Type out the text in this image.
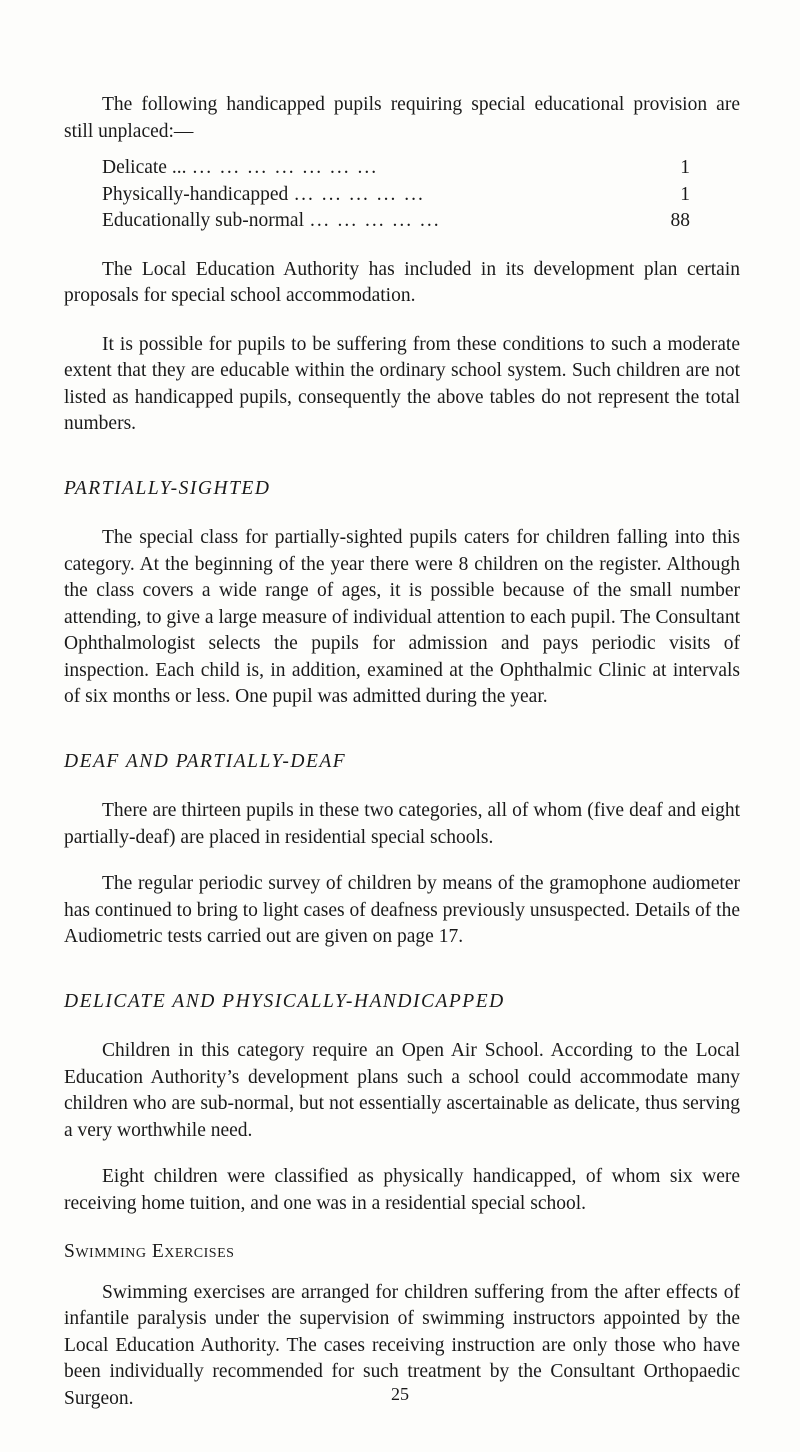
The following handicapped pupils requiring special educational provision are still unplaced:—

Delicate ... ... ... ... ... ... ... ...	1
Physically-handicapped ... ... ... ... ...	1
Educationally sub-normal ... ... ... ... ...	88

The Local Education Authority has included in its development plan certain proposals for special school accommodation.

It is possible for pupils to be suffering from these conditions to such a moderate extent that they are educable within the ordinary school system. Such children are not listed as handicapped pupils, consequently the above tables do not represent the total numbers.

PARTIALLY-SIGHTED

The special class for partially-sighted pupils caters for children falling into this category. At the beginning of the year there were 8 children on the register. Although the class covers a wide range of ages, it is possible because of the small number attending, to give a large measure of individual attention to each pupil. The Consultant Ophthalmologist selects the pupils for admission and pays periodic visits of inspection. Each child is, in addition, examined at the Ophthalmic Clinic at intervals of six months or less. One pupil was admitted during the year.

DEAF AND PARTIALLY-DEAF

There are thirteen pupils in these two categories, all of whom (five deaf and eight partially-deaf) are placed in residential special schools.

The regular periodic survey of children by means of the gramophone audiometer has continued to bring to light cases of deafness previously unsuspected. Details of the Audiometric tests carried out are given on page 17.

DELICATE AND PHYSICALLY-HANDICAPPED

Children in this category require an Open Air School. According to the Local Education Authority’s development plans such a school could accommodate many children who are sub-normal, but not essentially ascertainable as delicate, thus serving a very worthwhile need.

Eight children were classified as physically handicapped, of whom six were receiving home tuition, and one was in a residential special school.

Swimming Exercises

Swimming exercises are arranged for children suffering from the after effects of infantile paralysis under the supervision of swimming instructors appointed by the Local Education Authority. The cases receiving instruction are only those who have been individually recommended for such treatment by the Consultant Orthopaedic Surgeon.	25
